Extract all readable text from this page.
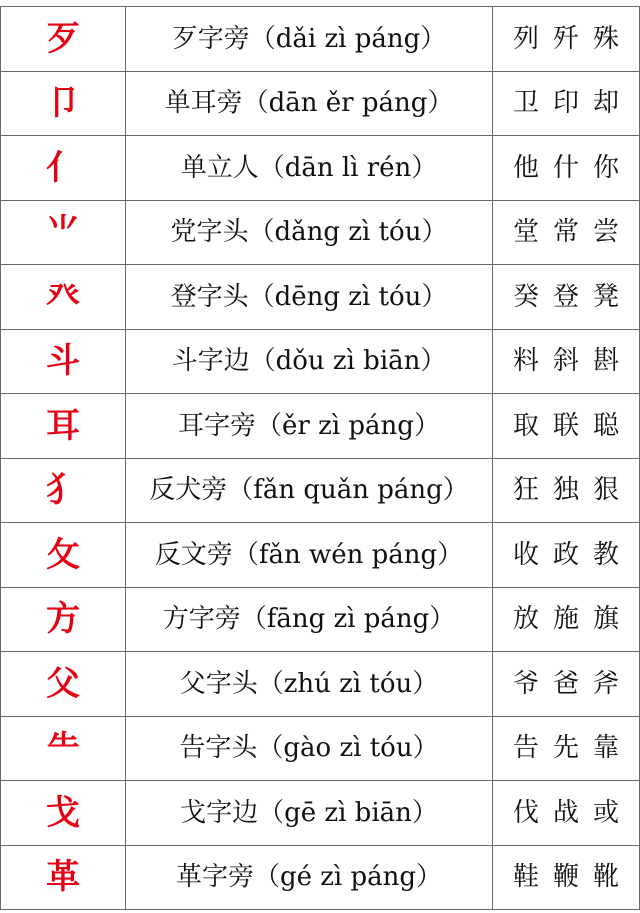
歹	歹字旁（dǎi zì páng）	列歼殊

卩	单耳旁（dān ěr páng）	卫印却

亻	单立人（dān lì rén）	他什你

⺌	党字头（dǎng zì tóu）	堂常尝

癶	登字头（dēng zì tóu）	癸登凳

斗	斗字边（dǒu zì biān）	料斜斟

耳	耳字旁（ěr zì páng）	取联聪

犭	反犬旁（fǎn quǎn páng）	狂独狠

攵	反文旁（fǎn wén páng）	收政教

方	方字旁（fāng zì páng）	放施旗

父	父字头（zhú zì tóu）	爷爸斧

⺧	告字头（gào zì tóu）	告先靠

戈	戈字边（gē zì biān）	伐战或

革	革字旁（gé zì páng）	鞋鞭靴
